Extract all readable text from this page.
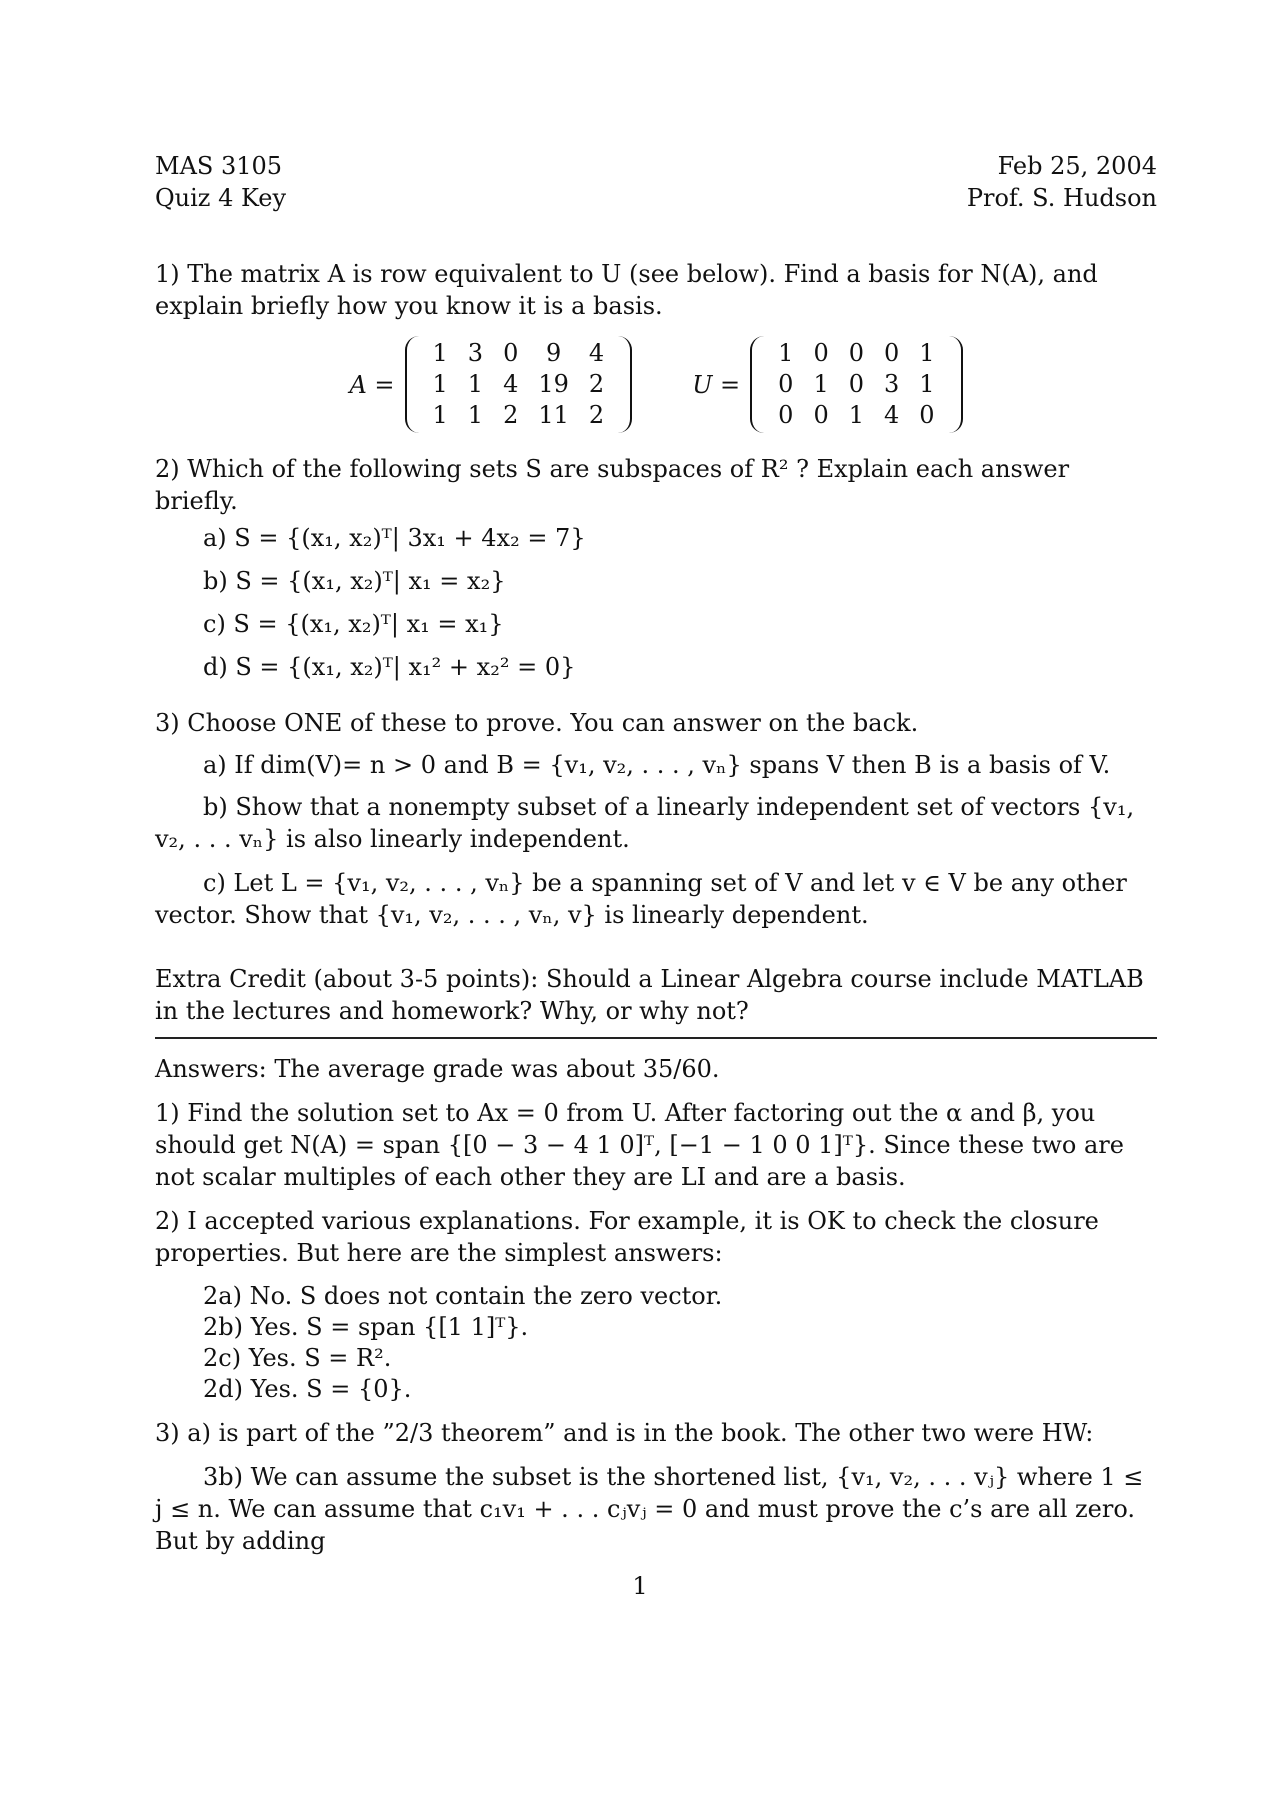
MAS 3105
Quiz 4 Key
Feb 25, 2004
Prof. S. Hudson

1) The matrix A is row equivalent to U (see below). Find a basis for N(A), and explain briefly how you know it is a basis.

A =
1	3	0	9	4
1	1	4	19	2
1	1	2	11	2
U =
1	0	0	0	1
0	1	0	3	1
0	0	1	4	0

2) Which of the following sets S are subspaces of R² ? Explain each answer briefly.

a) S = {(x₁, x₂)ᵀ| 3x₁ + 4x₂ = 7}
b) S = {(x₁, x₂)ᵀ| x₁ = x₂}
c) S = {(x₁, x₂)ᵀ| x₁ = x₁}
d) S = {(x₁, x₂)ᵀ| x₁² + x₂² = 0}

3) Choose ONE of these to prove. You can answer on the back.

a) If dim(V)= n > 0 and B = {v₁, v₂, . . . , vₙ} spans V then B is a basis of V.

b) Show that a nonempty subset of a linearly independent set of vectors {v₁, v₂, . . . vₙ} is also linearly independent.

c) Let L = {v₁, v₂, . . . , vₙ} be a spanning set of V and let v ∈ V be any other vector. Show that {v₁, v₂, . . . , vₙ, v} is linearly dependent.

Extra Credit (about 3-5 points): Should a Linear Algebra course include MATLAB in the lectures and homework? Why, or why not?

Answers: The average grade was about 35/60.

1) Find the solution set to Ax = 0 from U. After factoring out the α and β, you should get N(A) = span {[0 − 3 − 4 1 0]ᵀ, [−1 − 1 0 0 1]ᵀ}. Since these two are not scalar multiples of each other they are LI and are a basis.

2) I accepted various explanations. For example, it is OK to check the closure properties. But here are the simplest answers:

2a) No. S does not contain the zero vector.
2b) Yes. S = span {[1 1]ᵀ}.
2c) Yes. S = R².
2d) Yes. S = {0}.

3) a) is part of the ”2/3 theorem” and is in the book. The other two were HW:

3b) We can assume the subset is the shortened list, {v₁, v₂, . . . vⱼ} where 1 ≤ j ≤ n. We can assume that c₁v₁ + . . . cⱼvⱼ = 0 and must prove the c’s are all zero. But by adding

1
